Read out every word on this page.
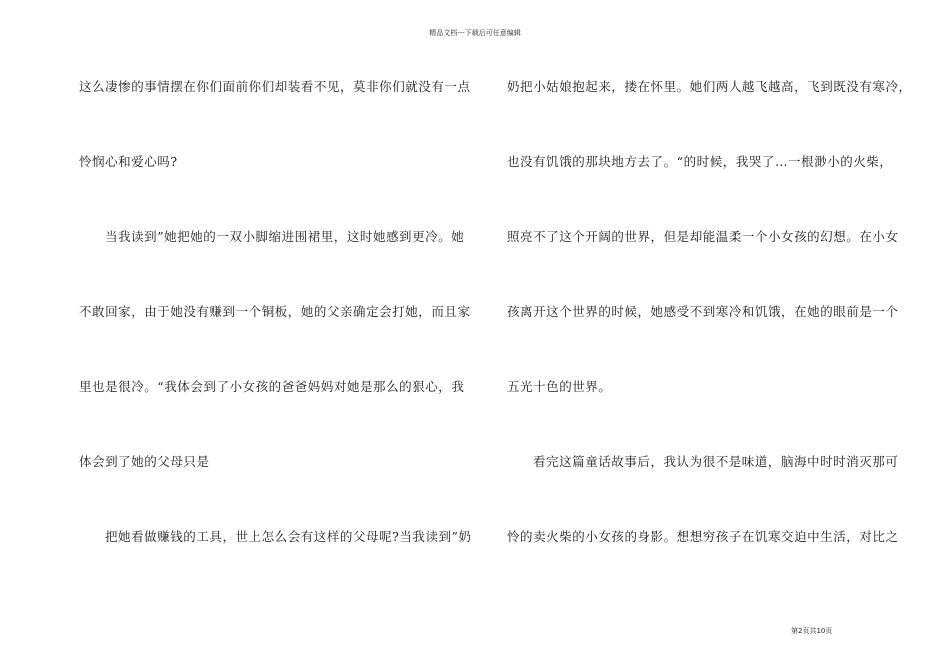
精品文档---下载后可任意编辑
这么凄惨的事情摆在你们面前你们却装看不见，莫非你们就没有一点
怜悯心和爱心吗?
当我读到”她把她的一双小脚缩进围裙里，这时她感到更冷。她
不敢回家，由于她没有赚到一个铜板，她的父亲确定会打她，而且家
里也是很冷。“我体会到了小女孩的爸爸妈妈对她是那么的狠心，我
体会到了她的父母只是
把她看做赚钱的工具，世上怎么会有这样的父母呢?当我读到”奶
奶把小姑娘抱起来，搂在怀里。她们两人越飞越高，飞到既没有寒冷，
也没有饥饿的那块地方去了。“的时候，我哭了…一根渺小的火柴，
照亮不了这个开阔的世界，但是却能温柔一个小女孩的幻想。在小女
孩离开这个世界的时候，她感受不到寒冷和饥饿，在她的眼前是一个
五光十色的世界。
看完这篇童话故事后，我认为很不是味道，脑海中时时消灭那可
怜的卖火柴的小女孩的身影。想想穷孩子在饥寒交迫中生活，对比之
第2页共10页
